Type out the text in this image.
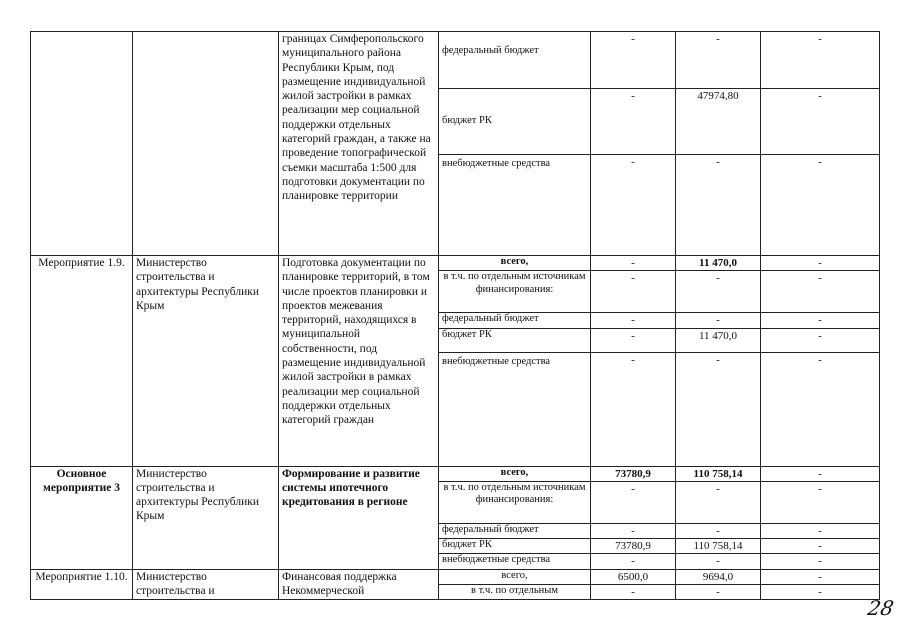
		границах Симферопольского муниципального района Республики Крым, под размещение индивидуальной жилой застройки в рамках реализации мер социальной поддержки отдельных категорий граждан, а также на проведение топографической съемки масштаба 1:500 для подготовки документации по планировке территории	федеральный бюджет	-	-	-
			бюджет РК	-	47974,80	-
			внебюджетные средства	-	-	-
Мероприятие 1.9.	Министерство строительства и архитектуры Республики Крым	Подготовка документации по планировке территорий, в том числе проектов планировки и проектов межевания территорий, находящихся в муниципальной собственности, под размещение индивидуальной жилой застройки в рамках реализации мер социальной поддержки отдельных категорий граждан	всего,	-	11 470,0	-
			в т.ч. по отдельным источникам финансирования:	-	-	-
			федеральный бюджет	-	-	-
			бюджет РК	-	11 470,0	-
			внебюджетные средства	-	-	-
Основное мероприятие 3	Министерство строительства и архитектуры Республики Крым	Формирование и развитие системы ипотечного кредитования в регионе	всего,	73780,9	110 758,14	-
			в т.ч. по отдельным источникам финансирования:	-	-	-
			федеральный бюджет	-	-	-
			бюджет РК	73780,9	110 758,14	-
			внебюджетные средства	-	-	-
Мероприятие 1.10.	Министерство строительства и	Финансовая поддержка Некоммерческой	всего,	6500,0	9694,0	-
			в т.ч. по отдельным	-	-	-
28
